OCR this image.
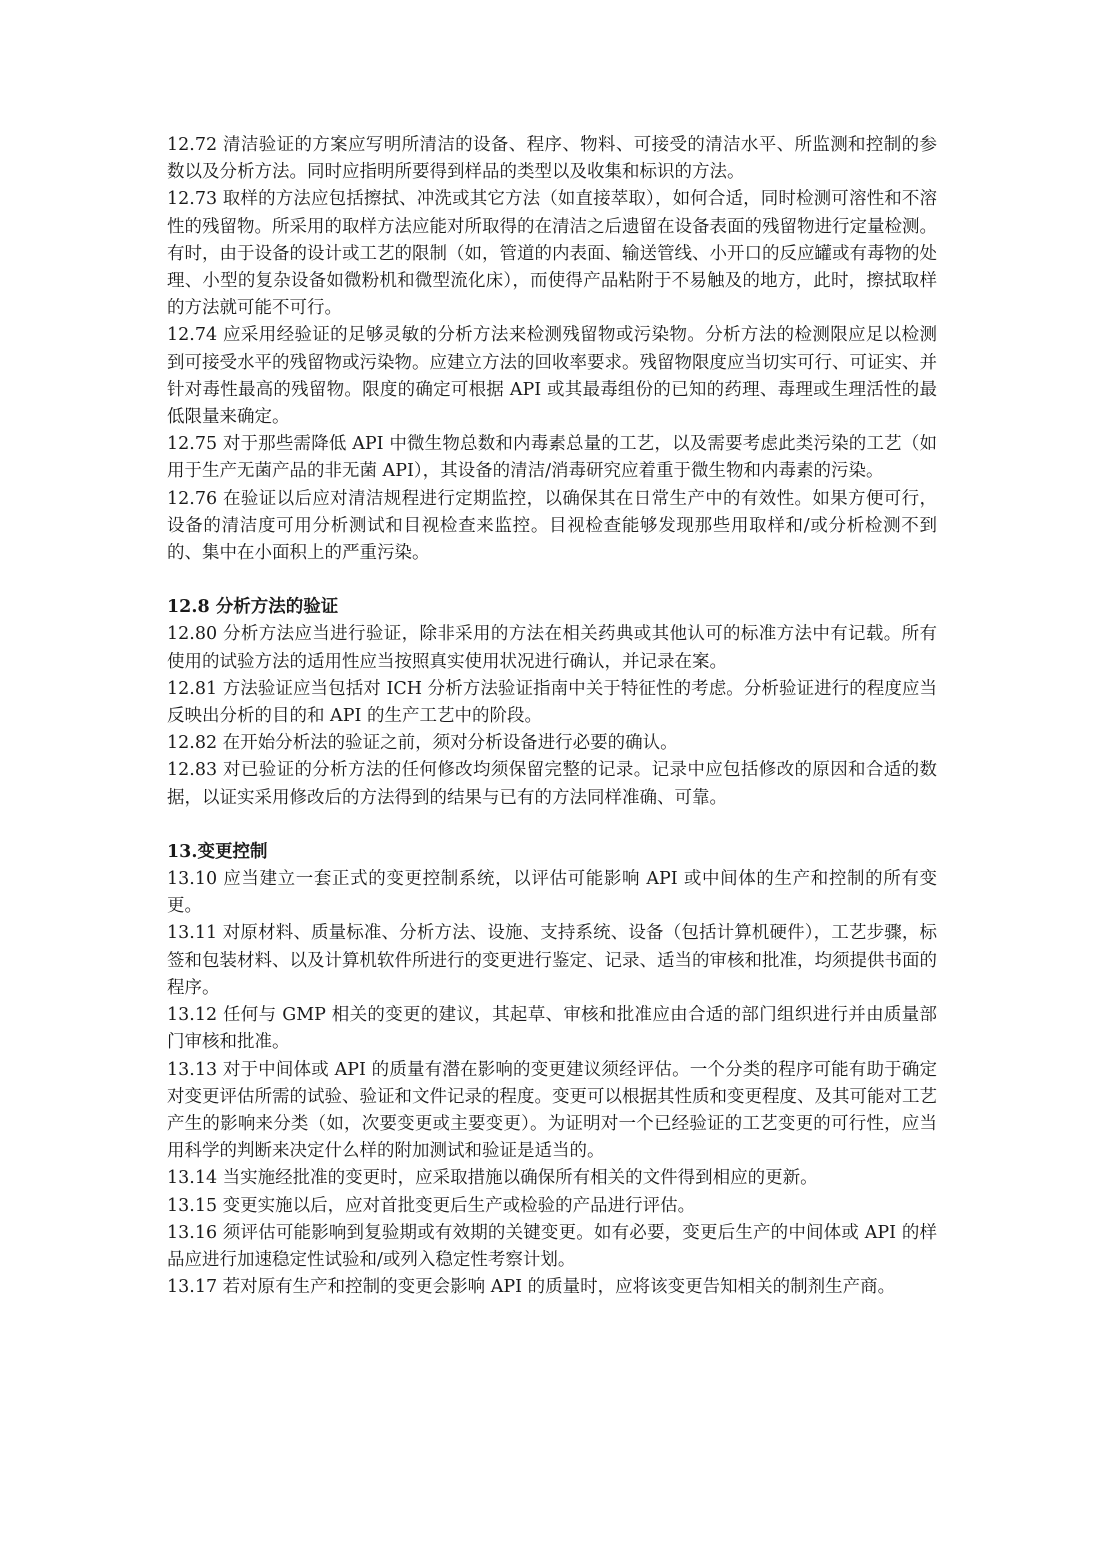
12.72 清洁验证的方案应写明所清洁的设备、程序、物料、可接受的清洁水平、所监测和控制的参数以及分析方法。同时应指明所要得到样品的类型以及收集和标识的方法。

12.73 取样的方法应包括擦拭、冲洗或其它方法（如直接萃取），如何合适，同时检测可溶性和不溶性的残留物。所采用的取样方法应能对所取得的在清洁之后遗留在设备表面的残留物进行定量检测。有时，由于设备的设计或工艺的限制（如，管道的内表面、输送管线、小开口的反应罐或有毒物的处理、小型的复杂设备如微粉机和微型流化床），而使得产品粘附于不易触及的地方，此时，擦拭取样的方法就可能不可行。

12.74 应采用经验证的足够灵敏的分析方法来检测残留物或污染物。分析方法的检测限应足以检测到可接受水平的残留物或污染物。应建立方法的回收率要求。残留物限度应当切实可行、可证实、并针对毒性最高的残留物。限度的确定可根据 API 或其最毒组份的已知的药理、毒理或生理活性的最低限量来确定。

12.75 对于那些需降低 API 中微生物总数和内毒素总量的工艺，以及需要考虑此类污染的工艺（如用于生产无菌产品的非无菌 API），其设备的清洁/消毒研究应着重于微生物和内毒素的污染。

12.76 在验证以后应对清洁规程进行定期监控，以确保其在日常生产中的有效性。如果方便可行，设备的清洁度可用分析测试和目视检查来监控。目视检查能够发现那些用取样和/或分析检测不到的、集中在小面积上的严重污染。

12.8 分析方法的验证

12.80 分析方法应当进行验证，除非采用的方法在相关药典或其他认可的标准方法中有记载。所有使用的试验方法的适用性应当按照真实使用状况进行确认，并记录在案。

12.81 方法验证应当包括对 ICH 分析方法验证指南中关于特征性的考虑。分析验证进行的程度应当反映出分析的目的和 API 的生产工艺中的阶段。

12.82 在开始分析法的验证之前，须对分析设备进行必要的确认。

12.83 对已验证的分析方法的任何修改均须保留完整的记录。记录中应包括修改的原因和合适的数据，以证实采用修改后的方法得到的结果与已有的方法同样准确、可靠。

13.变更控制

13.10 应当建立一套正式的变更控制系统，以评估可能影响 API 或中间体的生产和控制的所有变更。

13.11 对原材料、质量标准、分析方法、设施、支持系统、设备（包括计算机硬件），工艺步骤，标签和包装材料、以及计算机软件所进行的变更进行鉴定、记录、适当的审核和批准，均须提供书面的程序。

13.12 任何与 GMP 相关的变更的建议，其起草、审核和批准应由合适的部门组织进行并由质量部门审核和批准。

13.13 对于中间体或 API 的质量有潜在影响的变更建议须经评估。一个分类的程序可能有助于确定对变更评估所需的试验、验证和文件记录的程度。变更可以根据其性质和变更程度、及其可能对工艺产生的影响来分类（如，次要变更或主要变更）。为证明对一个已经验证的工艺变更的可行性，应当用科学的判断来决定什么样的附加测试和验证是适当的。

13.14 当实施经批准的变更时，应采取措施以确保所有相关的文件得到相应的更新。

13.15 变更实施以后，应对首批变更后生产或检验的产品进行评估。

13.16 须评估可能影响到复验期或有效期的关键变更。如有必要，变更后生产的中间体或 API 的样品应进行加速稳定性试验和/或列入稳定性考察计划。

13.17 若对原有生产和控制的变更会影响 API 的质量时，应将该变更告知相关的制剂生产商。
